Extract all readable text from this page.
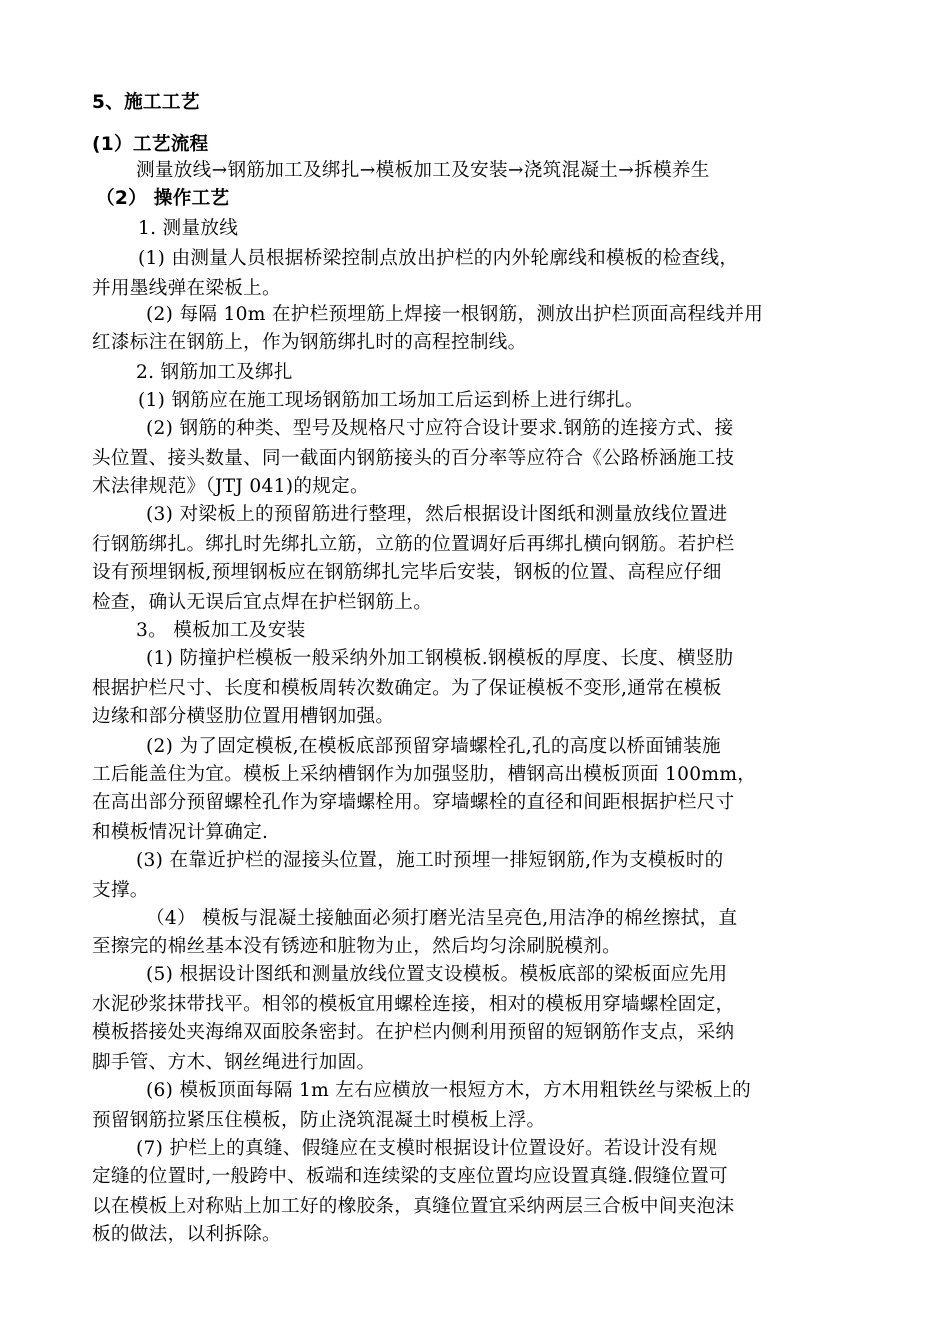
5、施工工艺
(1）工艺流程
测量放线→钢筋加工及绑扎→模板加工及安装→浇筑混凝土→拆模养生
（2） 操作工艺
1. 测量放线
(1) 由测量人员根据桥梁控制点放出护栏的内外轮廓线和模板的检查线，
并用墨线弹在梁板上。
(2) 每隔 10m 在护栏预埋筋上焊接一根钢筋，测放出护栏顶面高程线并用
红漆标注在钢筋上，作为钢筋绑扎时的高程控制线。
2. 钢筋加工及绑扎
(1) 钢筋应在施工现场钢筋加工场加工后运到桥上进行绑扎。
(2) 钢筋的种类、型号及规格尺寸应符合设计要求.钢筋的连接方式、接
头位置、接头数量、同一截面内钢筋接头的百分率等应符合《公路桥涵施工技
术法律规范》（JTJ 041)的规定。
(3) 对梁板上的预留筋进行整理，然后根据设计图纸和测量放线位置进
行钢筋绑扎。绑扎时先绑扎立筋，立筋的位置调好后再绑扎横向钢筋。若护栏
设有预埋钢板,预埋钢板应在钢筋绑扎完毕后安装，钢板的位置、高程应仔细
检查，确认无误后宜点焊在护栏钢筋上。
3。 模板加工及安装
(1) 防撞护栏模板一般采纳外加工钢模板.钢模板的厚度、长度、横竖肋
根据护栏尺寸、长度和模板周转次数确定。为了保证模板不变形,通常在模板
边缘和部分横竖肋位置用槽钢加强。
(2) 为了固定模板,在模板底部预留穿墙螺栓孔,孔的高度以桥面铺装施
工后能盖住为宜。模板上采纳槽钢作为加强竖肋，槽钢高出模板顶面 100mm，
在高出部分预留螺栓孔作为穿墙螺栓用。穿墙螺栓的直径和间距根据护栏尺寸
和模板情况计算确定.
(3) 在靠近护栏的湿接头位置，施工时预埋一排短钢筋,作为支模板时的
支撑。
（4） 模板与混凝土接触面必须打磨光洁呈亮色,用洁净的棉丝擦拭，直
至擦完的棉丝基本没有锈迹和脏物为止，然后均匀涂刷脱模剂。
(5) 根据设计图纸和测量放线位置支设模板。模板底部的梁板面应先用
水泥砂浆抹带找平。相邻的模板宜用螺栓连接，相对的模板用穿墙螺栓固定，
模板搭接处夹海绵双面胶条密封。在护栏内侧利用预留的短钢筋作支点，采纳
脚手管、方木、钢丝绳进行加固。
(6) 模板顶面每隔 1m 左右应横放一根短方木，方木用粗铁丝与梁板上的
预留钢筋拉紧压住模板，防止浇筑混凝土时模板上浮。
(7) 护栏上的真缝、假缝应在支模时根据设计位置设好。若设计没有规
定缝的位置时,一般跨中、板端和连续梁的支座位置均应设置真缝.假缝位置可
以在模板上对称贴上加工好的橡胶条，真缝位置宜采纳两层三合板中间夹泡沫
板的做法，以利拆除。
